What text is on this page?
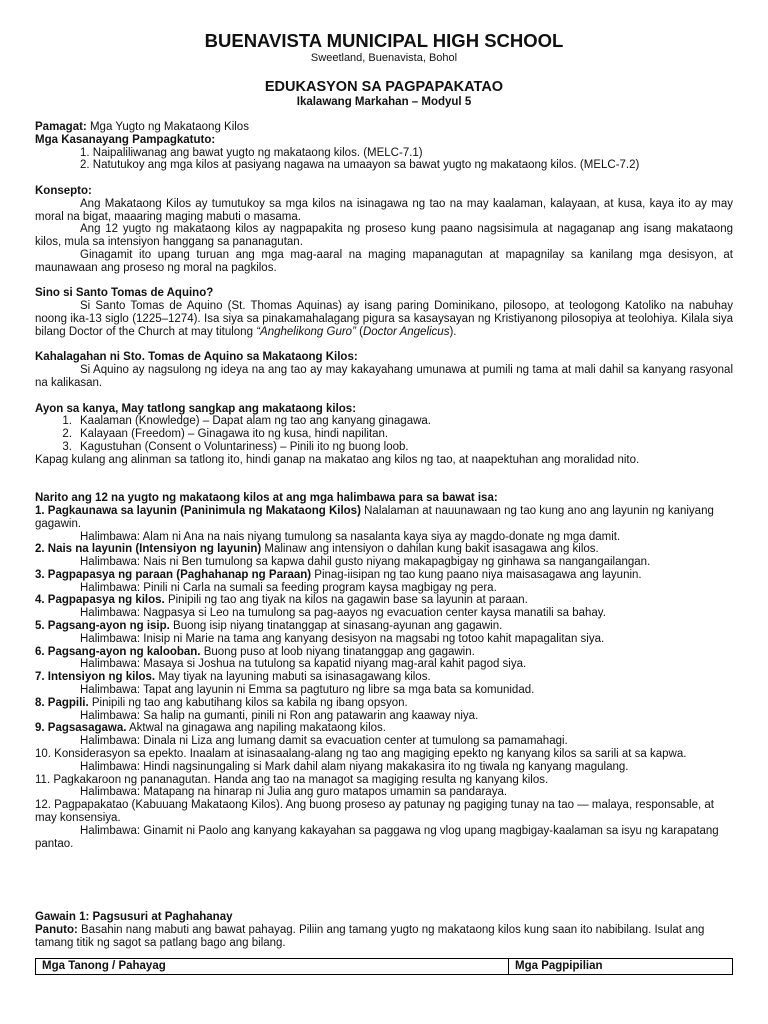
BUENAVISTA MUNICIPAL HIGH SCHOOL

Sweetland, Buenavista, Bohol

EDUKASYON SA PAGPAPAKATAO

Ikalawang Markahan – Modyul 5

Pamagat: Mga Yugto ng Makataong Kilos

Mga Kasanayang Pampagkatuto:

1. Naipaliliwanag ang bawat yugto ng makataong kilos. (MELC-7.1)

2. Natutukoy ang mga kilos at pasiyang nagawa na umaayon sa bawat yugto ng makataong kilos. (MELC-7.2)

Konsepto:

Ang Makataong Kilos ay tumutukoy sa mga kilos na isinagawa ng tao na may kaalaman, kalayaan, at kusa, kaya ito ay may moral na bigat, maaaring maging mabuti o masama.

Ang 12 yugto ng makataong kilos ay nagpapakita ng proseso kung paano nagsisimula at nagaganap ang isang makataong kilos, mula sa intensiyon hanggang sa pananagutan.

Ginagamit ito upang turuan ang mga mag-aaral na maging mapanagutan at mapagnilay sa kanilang mga desisyon, at maunawaan ang proseso ng moral na pagkilos.

Sino si Santo Tomas de Aquino?

Si Santo Tomas de Aquino (St. Thomas Aquinas) ay isang paring Dominikano, pilosopo, at teologong Katoliko na nabuhay noong ika-13 siglo (1225–1274). Isa siya sa pinakamahalagang pigura sa kasaysayan ng Kristiyanong pilosopiya at teolohiya. Kilala siya bilang Doctor of the Church at may titulong “Anghelikong Guro” (Doctor Angelicus).

Kahalagahan ni Sto. Tomas de Aquino sa Makataong Kilos:

Si Aquino ay nagsulong ng ideya na ang tao ay may kakayahang umunawa at pumili ng tama at mali dahil sa kanyang rasyonal na kalikasan.

Ayon sa kanya, May tatlong sangkap ang makataong kilos:

1. Kaalaman (Knowledge) – Dapat alam ng tao ang kanyang ginagawa.

2. Kalayaan (Freedom) – Ginagawa ito ng kusa, hindi napilitan.

3. Kagustuhan (Consent o Voluntariness) – Pinili ito ng buong loob.

Kapag kulang ang alinman sa tatlong ito, hindi ganap na makatao ang kilos ng tao, at naapektuhan ang moralidad nito.

Narito ang 12 na yugto ng makataong kilos at ang mga halimbawa para sa bawat isa:

1. Pagkaunawa sa layunin (Paninimula ng Makataong Kilos) Nalalaman at nauunawaan ng tao kung ano ang layunin ng kaniyang gagawin.

Halimbawa: Alam ni Ana na nais niyang tumulong sa nasalanta kaya siya ay magdo-donate ng mga damit.

2. Nais na layunin (Intensiyon ng layunin) Malinaw ang intensiyon o dahilan kung bakit isasagawa ang kilos.

Halimbawa: Nais ni Ben tumulong sa kapwa dahil gusto niyang makapagbigay ng ginhawa sa nangangailangan.

3. Pagpapasya ng paraan (Paghahanap ng Paraan) Pinag-iisipan ng tao kung paano niya maisasagawa ang layunin.

Halimbawa: Pinili ni Carla na sumali sa feeding program kaysa magbigay ng pera.

4. Pagpapasya ng kilos. Pinipili ng tao ang tiyak na kilos na gagawin base sa layunin at paraan.

Halimbawa: Nagpasya si Leo na tumulong sa pag-aayos ng evacuation center kaysa manatili sa bahay.

5. Pagsang-ayon ng isip. Buong isip niyang tinatanggap at sinasang-ayunan ang gagawin.

Halimbawa: Inisip ni Marie na tama ang kanyang desisyon na magsabi ng totoo kahit mapagalitan siya.

6. Pagsang-ayon ng kalooban. Buong puso at loob niyang tinatanggap ang gagawin.

Halimbawa: Masaya si Joshua na tutulong sa kapatid niyang mag-aral kahit pagod siya.

7. Intensiyon ng kilos. May tiyak na layuning mabuti sa isinasagawang kilos.

Halimbawa: Tapat ang layunin ni Emma sa pagtuturo ng libre sa mga bata sa komunidad.

8. Pagpili. Pinipili ng tao ang kabutihang kilos sa kabila ng ibang opsyon.

Halimbawa: Sa halip na gumanti, pinili ni Ron ang patawarin ang kaaway niya.

9. Pagsasagawa. Aktwal na ginagawa ang napiling makataong kilos.

Halimbawa: Dinala ni Liza ang lumang damit sa evacuation center at tumulong sa pamamahagi.

10. Konsiderasyon sa epekto. Inaalam at isinasaalang-alang ng tao ang magiging epekto ng kanyang kilos sa sarili at sa kapwa.

Halimbawa: Hindi nagsinungaling si Mark dahil alam niyang makakasira ito ng tiwala ng kanyang magulang.

11. Pagkakaroon ng pananagutan. Handa ang tao na managot sa magiging resulta ng kanyang kilos.

Halimbawa: Matapang na hinarap ni Julia ang guro matapos umamin sa pandaraya.

12. Pagpapakatao (Kabuuang Makataong Kilos). Ang buong proseso ay patunay ng pagiging tunay na tao — malaya, responsable, at may konsensiya.

Halimbawa: Ginamit ni Paolo ang kanyang kakayahan sa paggawa ng vlog upang magbigay-kaalaman sa isyu ng karapatang pantao.

Gawain 1: Pagsusuri at Paghahanay

Panuto: Basahin nang mabuti ang bawat pahayag. Piliin ang tamang yugto ng makataong kilos kung saan ito nabibilang. Isulat ang tamang titik ng sagot sa patlang bago ang bilang.

Mga Tanong / Pahayag	Mga Pagpipilian
